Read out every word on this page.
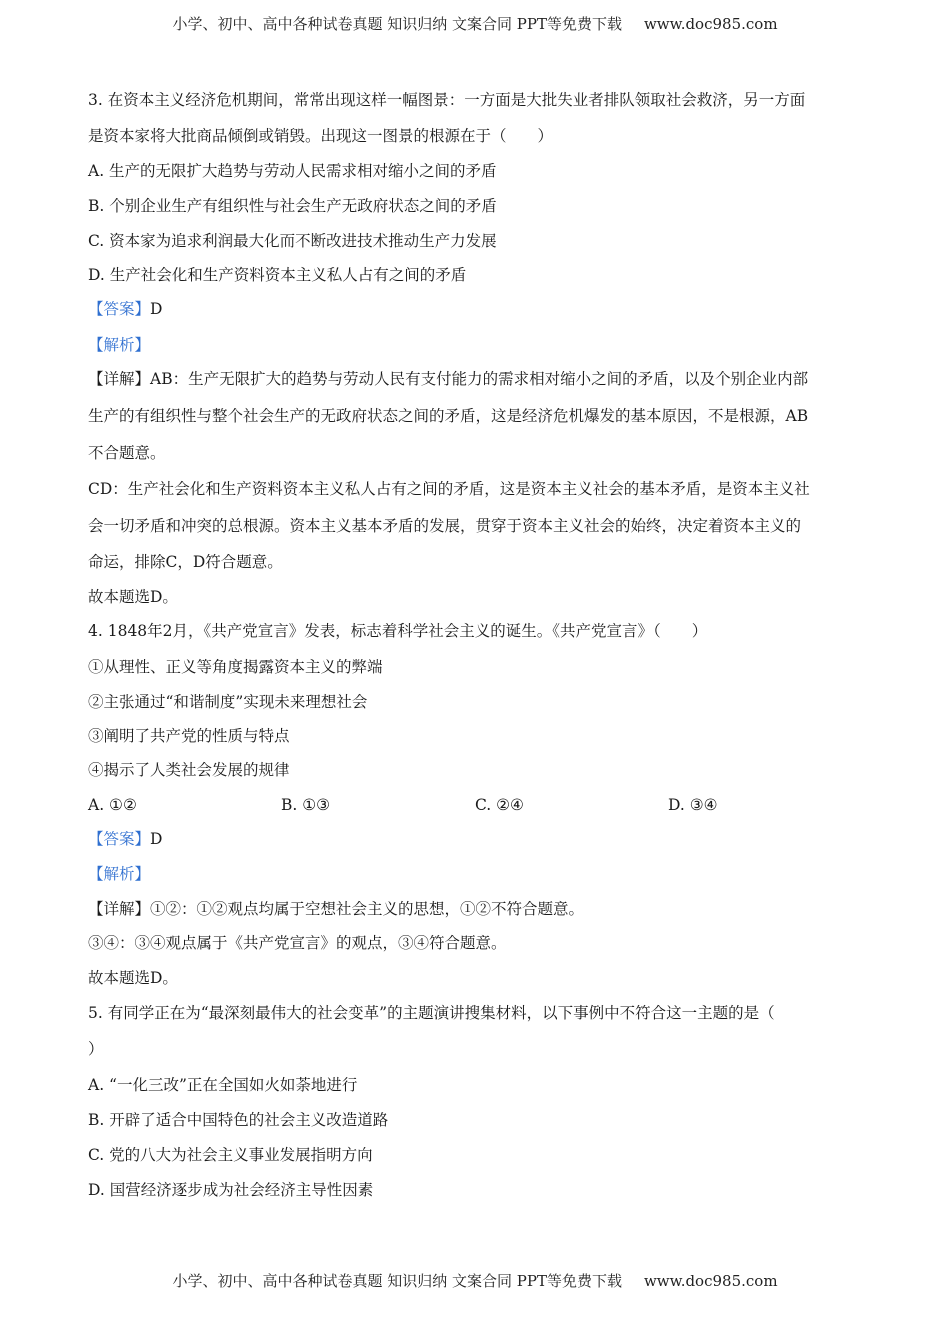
小学、初中、高中各种试卷真题 知识归纳 文案合同 PPT等免费下载 www.doc985.com
3. 在资本主义经济危机期间，常常出现这样一幅图景：一方面是大批失业者排队领取社会救济，另一方面
是资本家将大批商品倾倒或销毁。出现这一图景的根源在于（　　）
A. 生产的无限扩大趋势与劳动人民需求相对缩小之间的矛盾
B. 个别企业生产有组织性与社会生产无政府状态之间的矛盾
C. 资本家为追求利润最大化而不断改进技术推动生产力发展
D. 生产社会化和生产资料资本主义私人占有之间的矛盾
【答案】D
【解析】
【详解】AB：生产无限扩大的趋势与劳动人民有支付能力的需求相对缩小之间的矛盾，以及个别企业内部
生产的有组织性与整个社会生产的无政府状态之间的矛盾，这是经济危机爆发的基本原因，不是根源，AB
不合题意。
CD：生产社会化和生产资料资本主义私人占有之间的矛盾，这是资本主义社会的基本矛盾，是资本主义社
会一切矛盾和冲突的总根源。资本主义基本矛盾的发展，贯穿于资本主义社会的始终，决定着资本主义的
命运，排除C，D符合题意。
故本题选D。
4. 1848年2月，《共产党宣言》发表，标志着科学社会主义的诞生。《共产党宣言》（　　）
①从理性、正义等角度揭露资本主义的弊端
②主张通过“和谐制度”实现未来理想社会
③阐明了共产党的性质与特点
④揭示了人类社会发展的规律
A. ①②	B. ①③	C. ②④	D. ③④
【答案】D
【解析】
【详解】①②：①②观点均属于空想社会主义的思想，①②不符合题意。
③④：③④观点属于《共产党宣言》的观点，③④符合题意。
故本题选D。
5. 有同学正在为“最深刻最伟大的社会变革”的主题演讲搜集材料，以下事例中不符合这一主题的是（
）
A. “一化三改”正在全国如火如荼地进行
B. 开辟了适合中国特色的社会主义改造道路
C. 党的八大为社会主义事业发展指明方向
D. 国营经济逐步成为社会经济主导性因素
小学、初中、高中各种试卷真题 知识归纳 文案合同 PPT等免费下载 www.doc985.com
